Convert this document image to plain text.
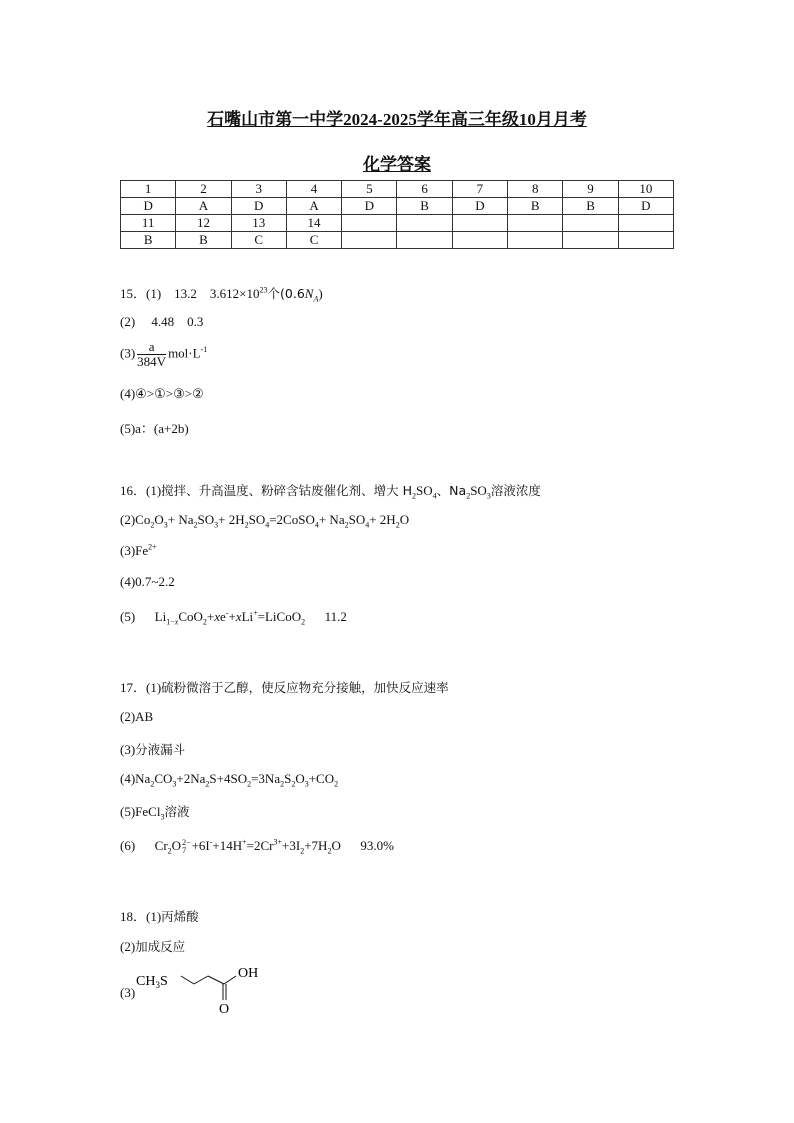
石嘴山市第一中学2024-2025学年高三年级10月月考
化学答案
1	2	3	4	5	6	7	8	9	10
D	A	D	A	D	B	D	B	B	D
11	12	13	14						
B	B	C	C						
15．(1) 13.2 $3.612\times 10^{23}$个$(0.6N_A)$
(2) 4.48 0.3
$(3) \frac{a}{384V} mol\cdot L^{-1}$
(4)④>①>③>②
(5)a：(a+2b)
16．(1)搅拌、升高温度、粉碎含钴废催化剂、增大 $H_2SO_4$、$Na_2SO_3$溶液浓度
$(2)Co_2O_3+ Na_2SO_3+$ $2H_2SO_4=2CoSO_4+ Na_2SO_4+ 2H_2O$
$(3)Fe^{2+}$
(4)0.7~2.2
(5) $Li_{1-x}CoO_2+xe^-+xLi^+=LiCoO_2$ 11.2
17．(1)硫粉微溶于乙醇，使反应物充分接触，加快反应速率
(2)AB
(3)分液漏斗
$(4)Na_2CO_3+2Na_2S+4SO_2=3Na_2S_2O_3+CO_2$
(5)FeCl$_3$溶液
(6) $Cr_2O2-$
$7 +6I^-+14H^+=2Cr^{3+}+3I_2+7H_2O$ 93.0%
18．(1)丙烯酸
(2)加成反应
(3)
$CH_3S$
OH
O
